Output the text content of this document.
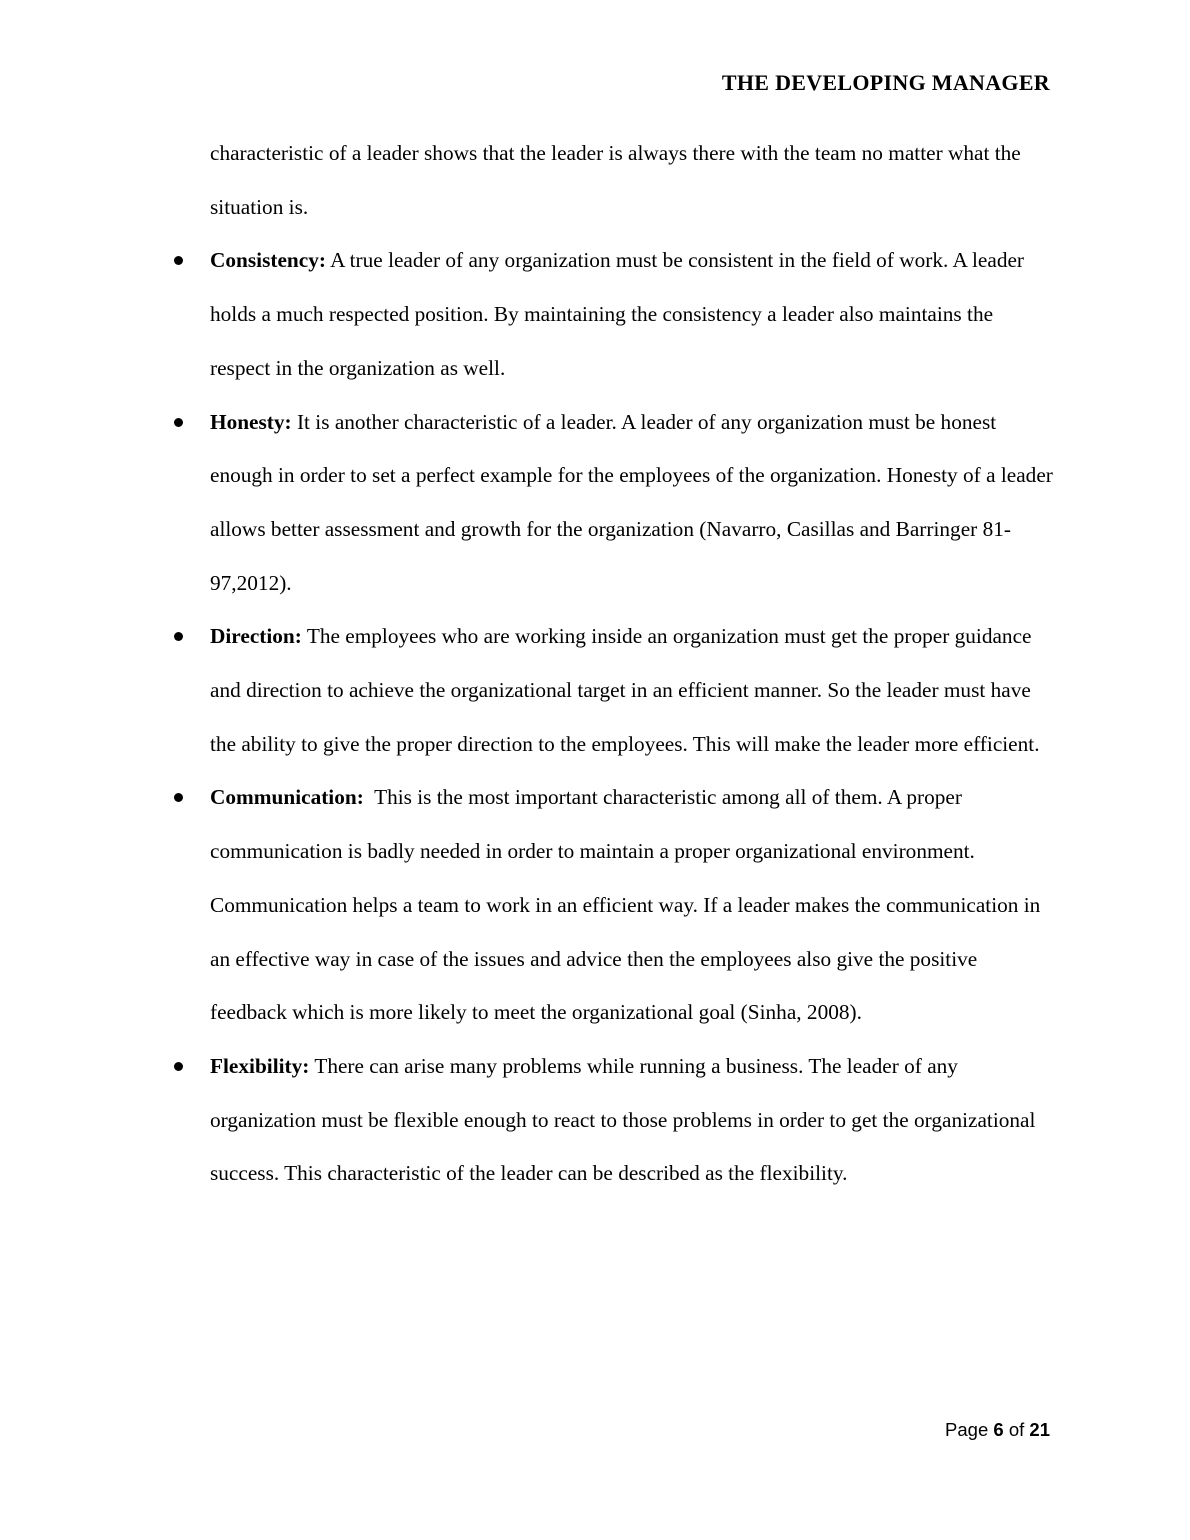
THE DEVELOPING MANAGER

characteristic of a leader shows that the leader is always there with the team no matter what the situation is.

Consistency: A true leader of any organization must be consistent in the field of work. A leader holds a much respected position. By maintaining the consistency a leader also maintains the respect in the organization as well.
Honesty: It is another characteristic of a leader. A leader of any organization must be honest enough in order to set a perfect example for the employees of the organization. Honesty of a leader allows better assessment and growth for the organization (Navarro, Casillas and Barringer 81-97,2012).
Direction: The employees who are working inside an organization must get the proper guidance and direction to achieve the organizational target in an efficient manner. So the leader must have the ability to give the proper direction to the employees. This will make the leader more efficient.
Communication:  This is the most important characteristic among all of them. A proper communication is badly needed in order to maintain a proper organizational environment. Communication helps a team to work in an efficient way. If a leader makes the communication in an effective way in case of the issues and advice then the employees also give the positive feedback which is more likely to meet the organizational goal (Sinha, 2008).
Flexibility: There can arise many problems while running a business. The leader of any organization must be flexible enough to react to those problems in order to get the organizational success. This characteristic of the leader can be described as the flexibility.
Page 6 of 21
